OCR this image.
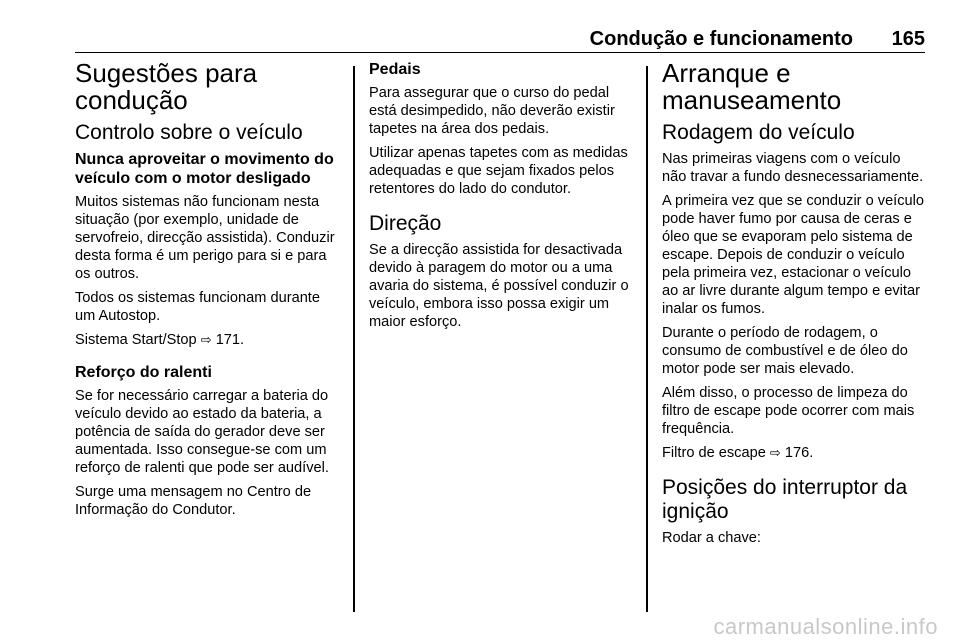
Condução e funcionamento 165
Sugestões para condução
Controlo sobre o veículo
Nunca aproveitar o movimento do veículo com o motor desligado

Muitos sistemas não funcionam nesta situação (por exemplo, unidade de servofreio, direcção assistida). Conduzir desta forma é um perigo para si e para os outros.

Todos os sistemas funcionam durante um Autostop.

Sistema Start/Stop ⇨ 171.

Reforço do ralenti

Se for necessário carregar a bateria do veículo devido ao estado da bateria, a potência de saída do gerador deve ser aumentada. Isso consegue-se com um reforço de ralenti que pode ser audível.

Surge uma mensagem no Centro de Informação do Condutor.

Pedais

Para assegurar que o curso do pedal está desimpedido, não deverão existir tapetes na área dos pedais.

Utilizar apenas tapetes com as medidas adequadas e que sejam fixados pelos retentores do lado do condutor.

Direção

Se a direcção assistida for desactivada devido à paragem do motor ou a uma avaria do sistema, é possível conduzir o veículo, embora isso possa exigir um maior esforço.

Arranque e manuseamento
Rodagem do veículo

Nas primeiras viagens com o veículo não travar a fundo desnecessariamente.

A primeira vez que se conduzir o veículo pode haver fumo por causa de ceras e óleo que se evaporam pelo sistema de escape. Depois de conduzir o veículo pela primeira vez, estacionar o veículo ao ar livre durante algum tempo e evitar inalar os fumos.

Durante o período de rodagem, o consumo de combustível e de óleo do motor pode ser mais elevado.

Além disso, o processo de limpeza do filtro de escape pode ocorrer com mais frequência.

Filtro de escape ⇨ 176.

Posições do interruptor da ignição

Rodar a chave:

carmanualsonline.info
